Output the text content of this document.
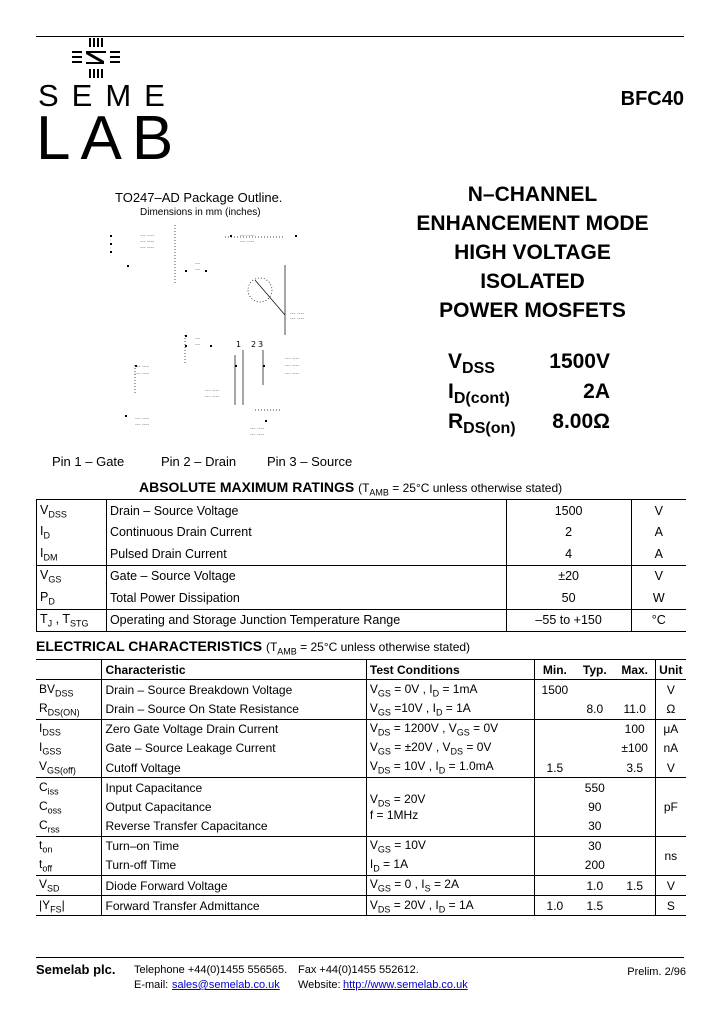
SEME
LAB
BFC40
TO247–AD Package Outline.
Dimensions in mm (inches)
--- ----
--- ----
--- ----
--- ----
--- ----
---
---
--- ----
--- ----
---
---
--- ----
--- ----
--- ----
--- ----
--- ----
--- ----
--- ----
--- ----
--- ----
--- ----
--- ----
1 2 3
Pin 1 – Gate	Pin 2 – Drain Pin 3 – Source
N–CHANNEL
ENHANCEMENT MODE
HIGH VOLTAGE
ISOLATED
POWER MOSFETS
$V_{DSS}$	1500V
$I_{D(cont)}$	2A
$R_{DS(on)}$	8.00Ω
ABSOLUTE MAXIMUM RATINGS ($T_{AMB} = 25^\circ C$ unless otherwise stated)
$V_{DSS}$	Drain – Source Voltage	1500	V
$I_D$	Continuous Drain Current	2	A
$I_{DM}$	Pulsed Drain Current	4	A
$V_{GS}$	Gate – Source Voltage	±20	V
$P_D$	Total Power Dissipation	50	W
$T_J$ , $T_{STG}$	Operating and Storage Junction Temperature Range	–55 to +150	°C
ELECTRICAL CHARACTERISTICS ($T_{AMB} = 25^\circ C$ unless otherwise stated)
	Characteristic	Test Conditions	Min.	Typ.	Max.	Unit
$BV_{DSS}$	Drain – Source Breakdown Voltage	$V_{GS} = 0V$ , $I_D = 1mA$	1500			V
$R_{DS(ON)}$	Drain – Source On State Resistance	$V_{GS} =10V$ , $I_D = 1A$		8.0	11.0	Ω
$I_{DSS}$	Zero Gate Voltage Drain Current	$V_{DS} = 1200V$ , $V_{GS} = 0V$			100	μA
$I_{GSS}$	Gate – Source Leakage Current	$V_{GS} = \pm 20V$ , $V_{DS} = 0V$			±100	nA
$V_{GS(off)}$	Cutoff Voltage	$V_{DS} = 10V$ , $I_D = 1.0mA$	1.5		3.5	V
$C_{iss}$	Input Capacitance	$V_{DS} = 20V$
f = 1MHz		550		pF
$C_{oss}$	Output Capacitance			90		
$C_{rss}$	Reverse Transfer Capacitance			30		
$t_{on}$	Turn–on Time	$V_{GS} = 10V$		30		ns
$t_{off}$	Turn-off Time	$I_D = 1A$		200		
$V_{SD}$	Diode Forward Voltage	$V_{GS} = 0$ , $I_S = 2A$		1.0	1.5	V
$|Y_{FS}|$	Forward Transfer Admittance	$V_{DS} = 20V$ , $I_D = 1A$	1.0	1.5		S
Semelab plc. Telephone +44(0)1455 556565. Fax +44(0)1455 552612.
E-mail: sales@semelab.co.uk Website: http://www.semelab.co.uk
Prelim. 2/96
